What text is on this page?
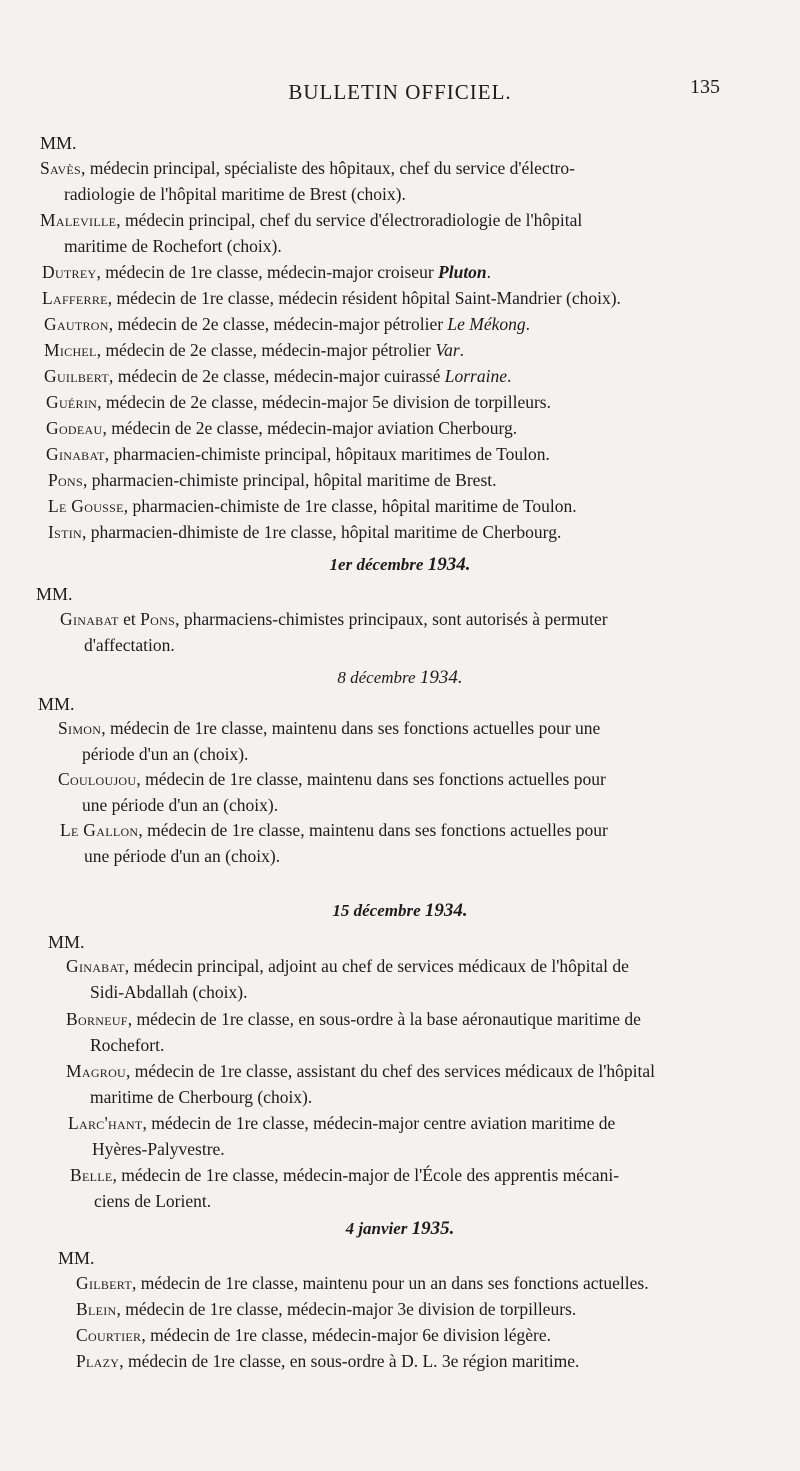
BULLETIN OFFICIEL.	135
MM.
Savès, médecin principal, spécialiste des hôpitaux, chef du service d'électro-
radiologie de l'hôpital maritime de Brest (choix).
Maleville, médecin principal, chef du service d'électroradiologie de l'hôpital
maritime de Rochefort (choix).
Dutrey, médecin de 1re classe, médecin-major croiseur Pluton.
Lafferre, médecin de 1re classe, médecin résident hôpital Saint-Mandrier (choix).
Gautron, médecin de 2e classe, médecin-major pétrolier Le Mékong.
Michel, médecin de 2e classe, médecin-major pétrolier Var.
Guilbert, médecin de 2e classe, médecin-major cuirassé Lorraine.
Guérin, médecin de 2e classe, médecin-major 5e division de torpilleurs.
Godeau, médecin de 2e classe, médecin-major aviation Cherbourg.
Ginabat, pharmacien-chimiste principal, hôpitaux maritimes de Toulon.
Pons, pharmacien-chimiste principal, hôpital maritime de Brest.
Le Gousse, pharmacien-chimiste de 1re classe, hôpital maritime de Toulon.
Istin, pharmacien-dhimiste de 1re classe, hôpital maritime de Cherbourg.
1er décembre 1934.
MM.
Ginabat et Pons, pharmaciens-chimistes principaux, sont autorisés à permuter
d'affectation.
8 décembre 1934.
MM.
Simon, médecin de 1re classe, maintenu dans ses fonctions actuelles pour une
période d'un an (choix).
Couloujou, médecin de 1re classe, maintenu dans ses fonctions actuelles pour
une période d'un an (choix).
Le Gallon, médecin de 1re classe, maintenu dans ses fonctions actuelles pour
une période d'un an (choix).
15 décembre 1934.
MM.
Ginabat, médecin principal, adjoint au chef de services médicaux de l'hôpital de
Sidi-Abdallah (choix).
Borneuf, médecin de 1re classe, en sous-ordre à la base aéronautique maritime de
Rochefort.
Magrou, médecin de 1re classe, assistant du chef des services médicaux de l'hôpital
maritime de Cherbourg (choix).
Larc'hant, médecin de 1re classe, médecin-major centre aviation maritime de
Hyères-Palyvestre.
Belle, médecin de 1re classe, médecin-major de l'École des apprentis mécani-
ciens de Lorient.
4 janvier 1935.
MM.
Gilbert, médecin de 1re classe, maintenu pour un an dans ses fonctions actuelles.
Blein, médecin de 1re classe, médecin-major 3e division de torpilleurs.
Courtier, médecin de 1re classe, médecin-major 6e division légère.
Plazy, médecin de 1re classe, en sous-ordre à D. L. 3e région maritime.
